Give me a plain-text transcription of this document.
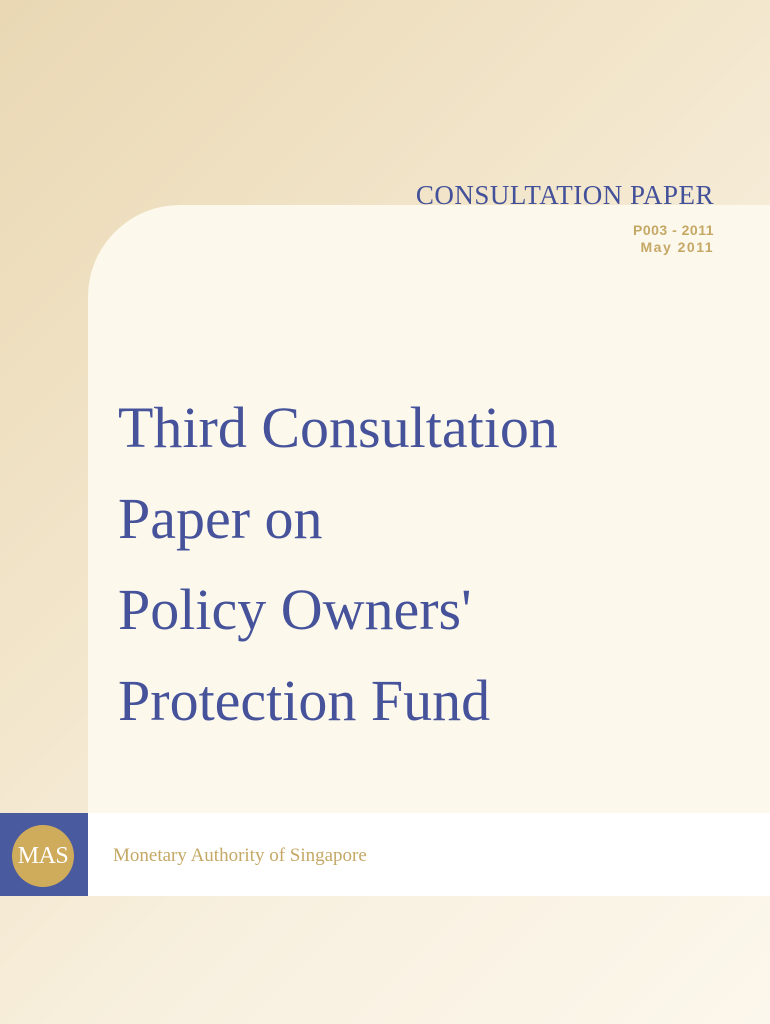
CONSULTATION PAPER
P003 - 2011
May 2011
Third Consultation
Paper on
Policy Owners'
Protection Fund
MAS Monetary Authority of Singapore
